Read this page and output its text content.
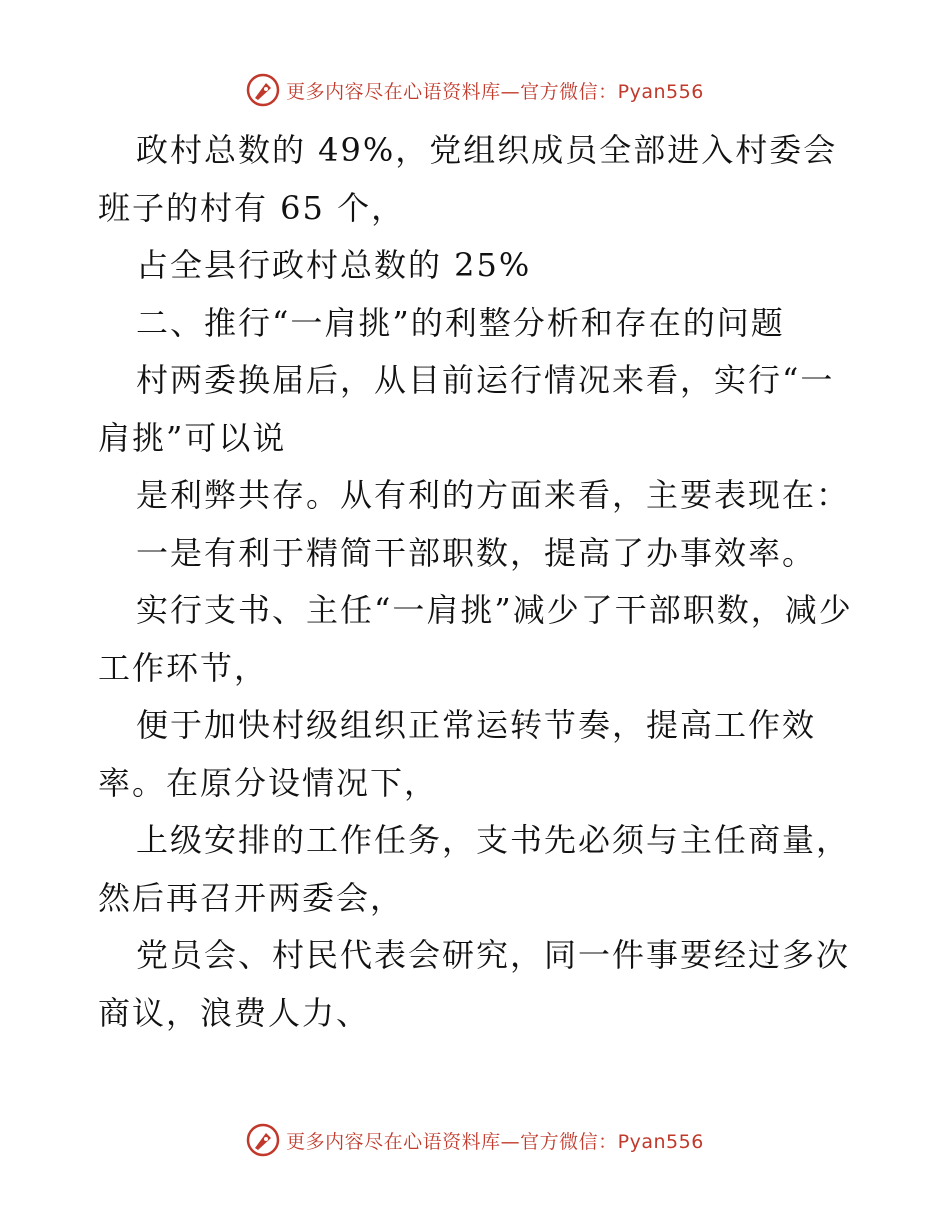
更多内容尽在心语资料库—官方微信：Pyan556

政村总数的 49%，党组织成员全部进入村委会班子的村有 65 个，

占全县行政村总数的 25%

二、推行“一肩挑”的利整分析和存在的问题

村两委换届后，从目前运行情况来看，实行“一肩挑”可以说

是利弊共存。从有利的方面来看，主要表现在：

一是有利于精简干部职数，提高了办事效率。

实行支书、主任“一肩挑”减少了干部职数，减少工作环节，

便于加快村级组织正常运转节奏，提高工作效率。在原分设情况下，

上级安排的工作任务，支书先必须与主任商量，然后再召开两委会，

党员会、村民代表会研究，同一件事要经过多次商议，浪费人力、

更多内容尽在心语资料库—官方微信：Pyan556
